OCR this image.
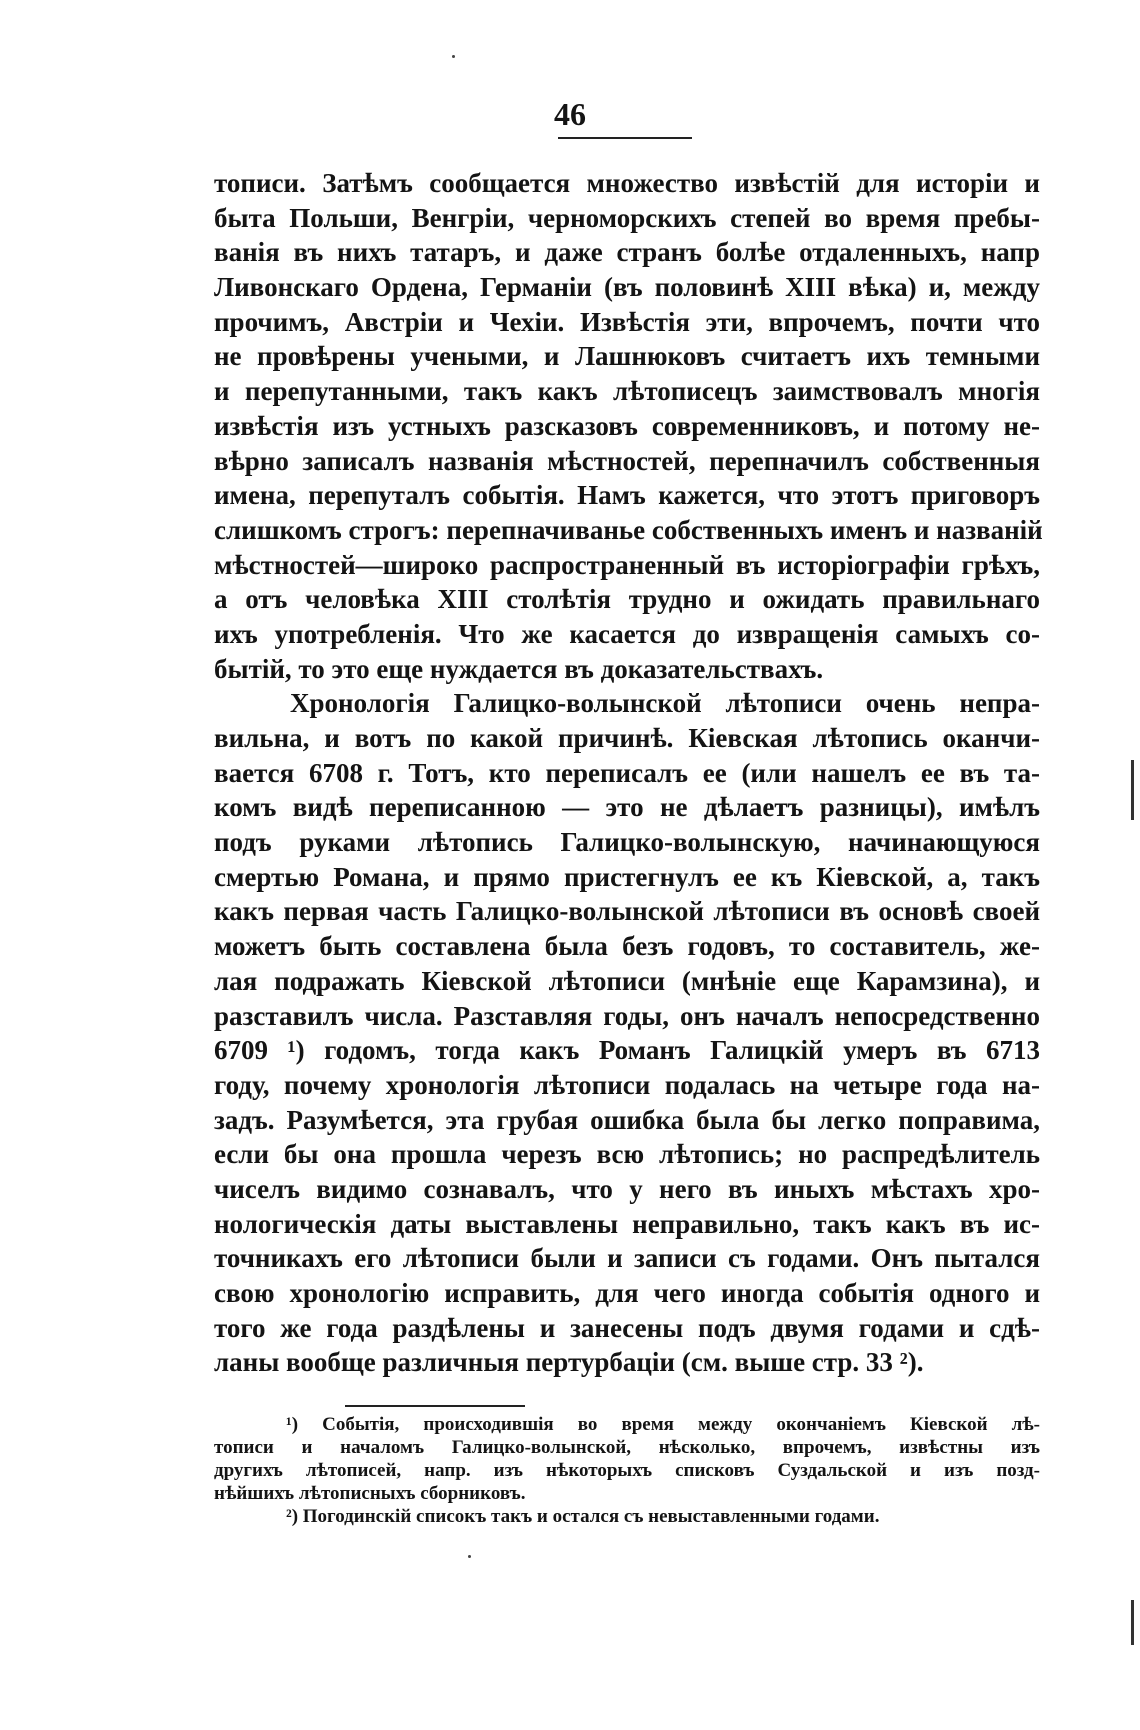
46
тописи. Затѣмъ сообщается множество извѣстій для исторіи и
быта Польши, Венгріи, черноморскихъ степей во время пребы-
ванія въ нихъ татаръ, и даже странъ болѣе отдаленныхъ, напр
Ливонскаго Ордена, Германіи (въ половинѣ XIII вѣка) и, между
прочимъ, Австріи и Чехіи. Извѣстія эти, впрочемъ, почти что
не провѣрены учеными, и Лашнюковъ считаетъ ихъ темными
и перепутанными, такъ какъ лѣтописецъ заимствовалъ многія
извѣстія изъ устныхъ разсказовъ современниковъ, и потому не-
вѣрно записалъ названія мѣстностей, перепначилъ собственныя
имена, перепуталъ событія. Намъ кажется, что этотъ приговоръ
слишкомъ строгъ: перепначиванье собственныхъ именъ и названій
мѣстностей—широко распространенный въ исторіографіи грѣхъ,
а отъ человѣка XIII столѣтія трудно и ожидать правильнаго
ихъ употребленія. Что же касается до извращенія самыхъ со-
бытій, то это еще нуждается въ доказательствахъ.
Хронологія Галицко-волынской лѣтописи очень непра-
вильна, и вотъ по какой причинѣ. Кіевская лѣтопись оканчи-
вается 6708 г. Тотъ, кто переписалъ ее (или нашелъ ее въ та-
комъ видѣ переписанною — это не дѣлаетъ разницы), имѣлъ
подъ руками лѣтопись Галицко-волынскую, начинающуюся
смертью Романа, и прямо пристегнулъ ее къ Кіевской, а, такъ
какъ первая часть Галицко-волынской лѣтописи въ основѣ своей
можетъ быть составлена была безъ годовъ, то составитель, же-
лая подражать Кіевской лѣтописи (мнѣніе еще Карамзина), и
разставилъ числа. Разставляя годы, онъ началъ непосредственно
6709 ¹) годомъ, тогда какъ Романъ Галицкій умеръ въ 6713
году, почему хронологія лѣтописи подалась на четыре года на-
задъ. Разумѣется, эта грубая ошибка была бы легко поправима,
если бы она прошла черезъ всю лѣтопись; но распредѣлитель
чиселъ видимо сознавалъ, что у него въ иныхъ мѣстахъ хро-
нологическія даты выставлены неправильно, такъ какъ въ ис-
точникахъ его лѣтописи были и записи съ годами. Онъ пытался
свою хронологію исправить, для чего иногда событія одного и
того же года раздѣлены и занесены подъ двумя годами и сдѣ-
ланы вообще различныя пертурбаціи (см. выше стр. 33 ²).
¹) Событія, происходившія во время между окончаніемъ Кіевской лѣ-
тописи и началомъ Галицко-волынской, нѣсколько, впрочемъ, извѣстны изъ
другихъ лѣтописей, напр. изъ нѣкоторыхъ списковъ Суздальской и изъ позд-
нѣйшихъ лѣтописныхъ сборниковъ.
²) Погодинскій списокъ такъ и остался съ невыставленными годами.
